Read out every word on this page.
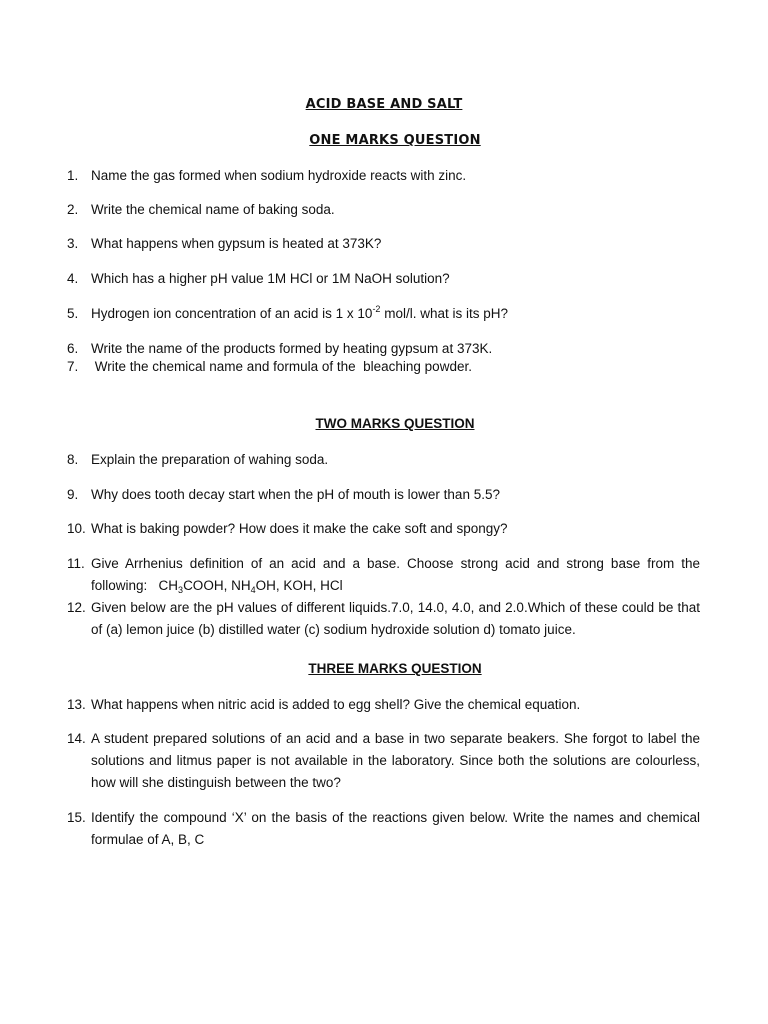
ACID BASE AND SALT
ONE MARKS QUESTION
1. Name the gas formed when sodium hydroxide reacts with zinc.
2. Write the chemical name of baking soda.
3. What happens when gypsum is heated at 373K?
4. Which has a higher pH value 1M HCl or 1M NaOH solution?
5. Hydrogen ion concentration of an acid is 1 x $10^{-2}$ mol/l. what is its pH?
6. Write the name of the products formed by heating gypsum at 373K.
7. Write the chemical name and formula of the  bleaching powder.
TWO MARKS QUESTION
8. Explain the preparation of wahing soda.
9. Why does tooth decay start when the pH of mouth is lower than 5.5?
10. What is baking powder? How does it make the cake soft and spongy?
11. Give Arrhenius definition of an acid and a base. Choose strong acid and strong base from the
following:   $CH_3COOH$, $NH_4OH$, KOH, HCl
12. Given below are the pH values of different liquids.7.0, 14.0, 4.0, and 2.0.Which of these could be that of (a) lemon juice (b) distilled water (c) sodium hydroxide solution d) tomato juice.
THREE MARKS QUESTION
13. What happens when nitric acid is added to egg shell? Give the chemical equation.
14. A student prepared solutions of an acid and a base in two separate beakers. She forgot to label the solutions and litmus paper is not available in the laboratory. Since both the solutions are colourless, how will she distinguish between the two?
15. Identify the compound ‘X’ on the basis of the reactions given below. Write the names and chemical formulae of A, B, C
